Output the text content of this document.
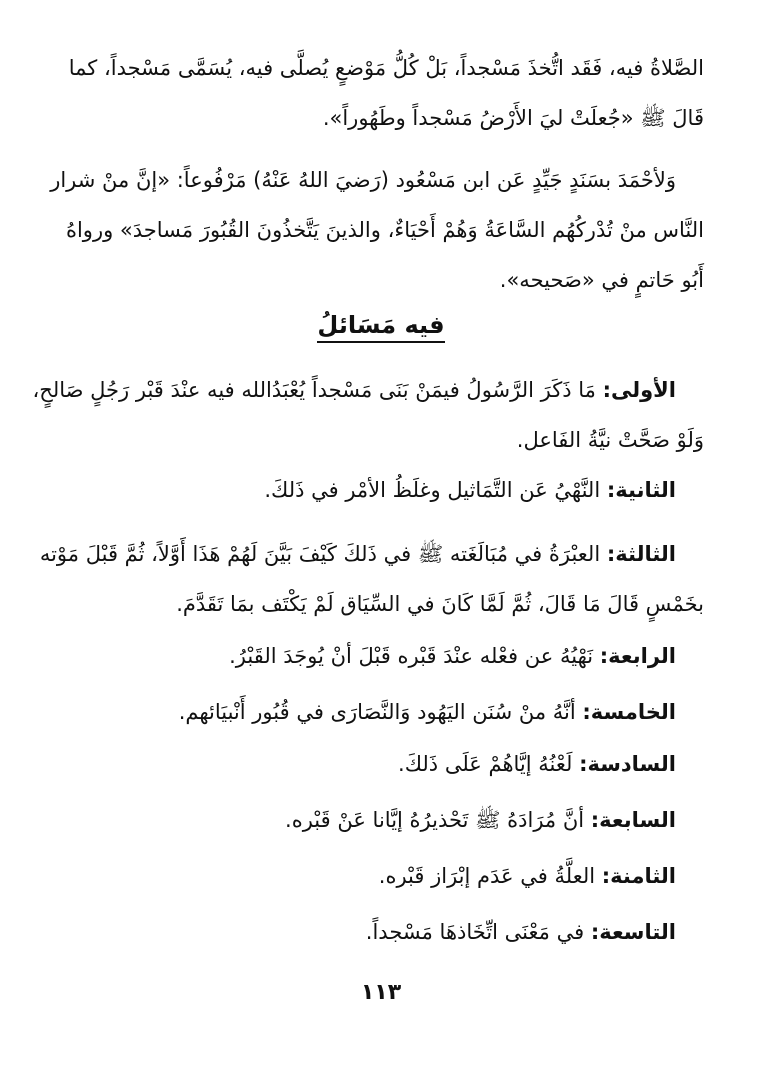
الصَّلاةُ فيه، فَقَد اتُّخذَ مَسْجداً، بَلْ كُلُّ مَوْضعٍ يُصلَّى فيه، يُسَمَّى مَسْجداً، كما
قَالَ ﷺ «جُعلَتْ ليَ الأَرْضُ مَسْجداً وطَهُوراً».
وَلأحْمَدَ بسَنَدٍ جَيِّدٍ عَن ابن مَسْعُود (رَضيَ اللهُ عَنْهُ) مَرْفُوعاً: «إنَّ منْ شرار
النَّاس منْ تُدْركُهُم السَّاعَةُ وَهُمْ أَحْيَاءٌ، والذينَ يَتَّخذُونَ القُبُورَ مَساجدَ» ورواهُ
أَبُو حَاتمٍ في «صَحيحه».
فيه مَسَائلُ
الأولى: مَا ذَكَرَ الرَّسُولُ فيمَنْ بَنَى مَسْجداً يُعْبَدُالله فيه عنْدَ قَبْر رَجُلٍ صَالحٍ،
وَلَوْ صَحَّتْ نيَّةُ الفَاعل.
الثانية: النَّهْيُ عَن التَّمَاثيل وغلَظُ الأمْر في ذَلكَ.
الثالثة: العبْرَةُ في مُبَالَغَته ﷺ في ذَلكَ كَيْفَ بَيَّنَ لَهُمْ هَذَا أَوَّلاً، ثُمَّ قَبْلَ مَوْته
بخَمْسٍ قَالَ مَا قَالَ، ثُمَّ لَمَّا كَانَ في السِّيَاق لَمْ يَكْتَف بمَا تَقَدَّمَ.
الرابعة: نَهْيُهُ عن فعْله عنْدَ قَبْره قَبْلَ أنْ يُوجَدَ القَبْرُ.
الخامسة: أنَّهُ منْ سُنَن اليَهُود وَالنَّصَارَى في قُبُور أَنْبيَائهم.
السادسة: لَعْنُهُ إيَّاهُمْ عَلَى ذَلكَ.
السابعة: أنَّ مُرَادَهُ ﷺ تَحْذيرُهُ إيَّانا عَنْ قَبْره.
الثامنة: العلَّةُ في عَدَم إبْرَاز قَبْره.
التاسعة: في مَعْنَى اتِّخَاذهَا مَسْجداً.
١١٣
